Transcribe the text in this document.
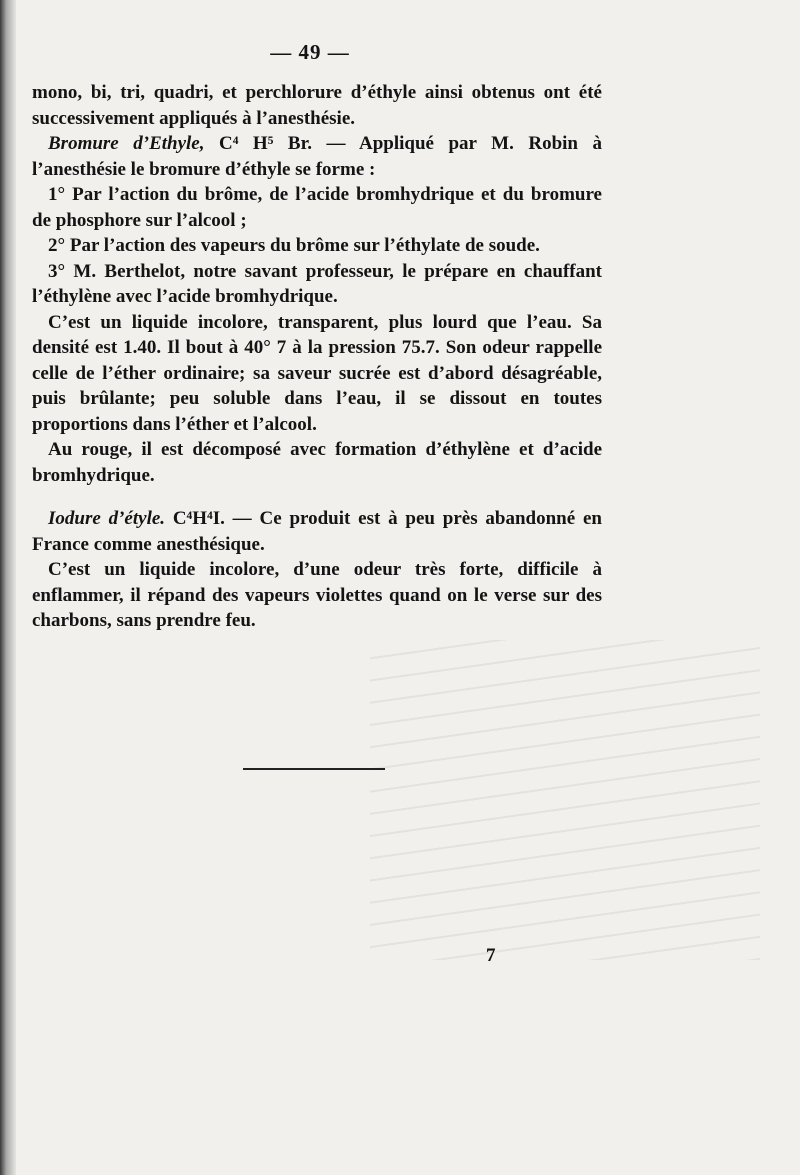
— 49 —

mono, bi, tri, quadri, et perchlorure d’éthyle ainsi obtenus ont été successivement appliqués à l’anesthésie.

Bromure d’Ethyle, C⁴ H⁵ Br. — Appliqué par M. Robin à l’anesthésie le bromure d’éthyle se forme :

1° Par l’action du brôme, de l’acide bromhydrique et du bromure de phosphore sur l’alcool ;

2° Par l’action des vapeurs du brôme sur l’éthylate de soude.

3° M. Berthelot, notre savant professeur, le prépare en chauffant l’éthylène avec l’acide bromhydrique.

C’est un liquide incolore, transparent, plus lourd que l’eau. Sa densité est 1.40. Il bout à 40° 7 à la pression 75.7. Son odeur rappelle celle de l’éther ordinaire; sa saveur sucrée est d’abord désagréable, puis brûlante; peu soluble dans l’eau, il se dissout en toutes proportions dans l’éther et l’alcool.

Au rouge, il est décomposé avec formation d’éthylène et d’acide bromhydrique.

Iodure d’étyle. C⁴H⁴I. — Ce produit est à peu près abandonné en France comme anesthésique.

C’est un liquide incolore, d’une odeur très forte, difficile à enflammer, il répand des vapeurs violettes quand on le verse sur des charbons, sans prendre feu.

7
